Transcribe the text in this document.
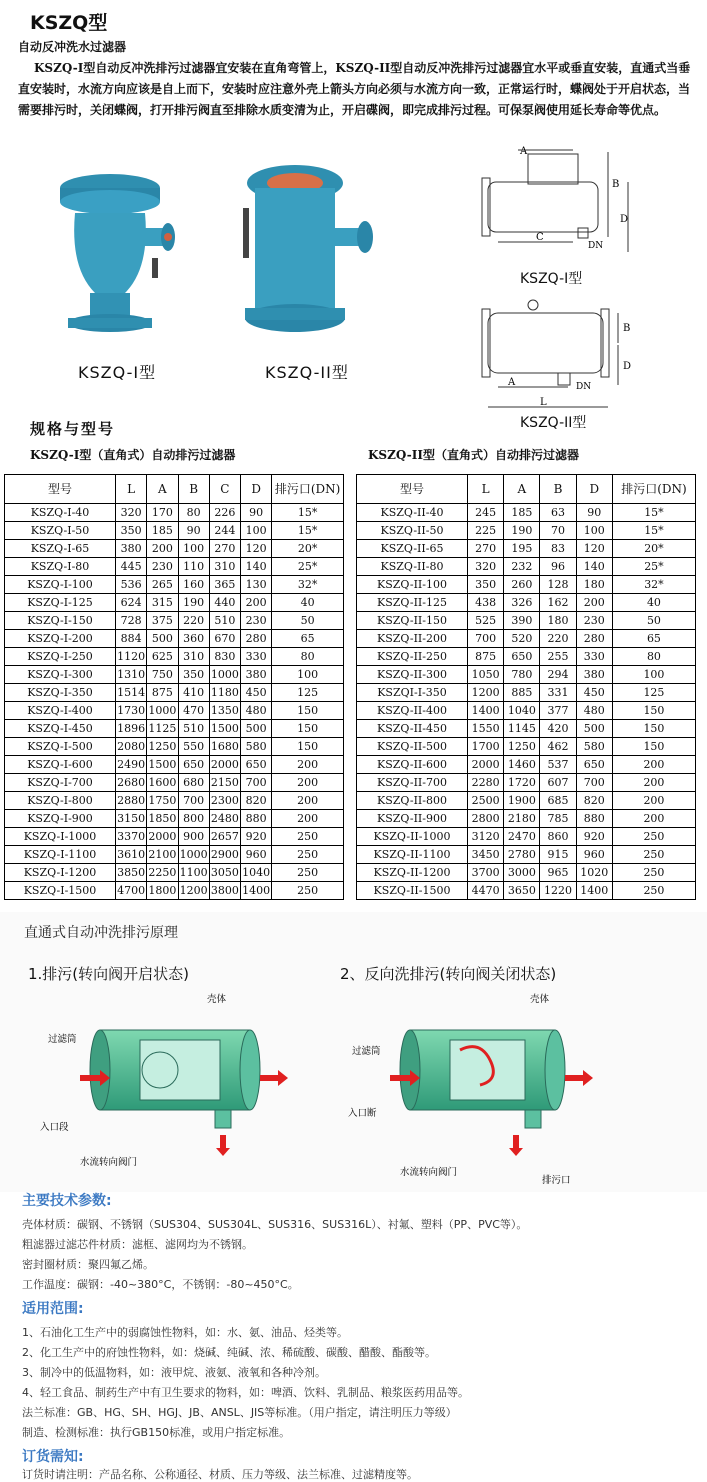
KSZQ型
自动反冲洗水过滤器
KSZQ-I型自动反冲洗排污过滤器宜安装在直角弯管上，KSZQ-II型自动反冲洗排污过滤器宜水平或垂直安装，直通式当垂直安装时，水流方向应该是自上而下，安装时应注意外壳上箭头方向必须与水流方向一致，正常运行时，蝶阀处于开启状态，当需要排污时，关闭蝶阀，打开排污阀直至排除水质变清为止，开启碟阀，即完成排污过程。可保泵阀使用延长寿命等优点。
KSZQ-I型	KSZQ-II型
A
B
D
C
DN
KSZQ-I型
B
D
A
L
DN
KSZQ-II型
规格与型号
KSZQ-I型（直角式）自动排污过滤器	KSZQ-II型（直角式）自动排污过滤器
型号	L	A	B	C	D	排污口(DN)
KSZQ-I-40	320	170	80	226	90	15*
KSZQ-I-50	350	185	90	244	100	15*
KSZQ-I-65	380	200	100	270	120	20*
KSZQ-I-80	445	230	110	310	140	25*
KSZQ-I-100	536	265	160	365	130	32*
KSZQ-I-125	624	315	190	440	200	40
KSZQ-I-150	728	375	220	510	230	50
KSZQ-I-200	884	500	360	670	280	65
KSZQ-I-250	1120	625	310	830	330	80
KSZQ-I-300	1310	750	350	1000	380	100
KSZQ-I-350	1514	875	410	1180	450	125
KSZQ-I-400	1730	1000	470	1350	480	150
KSZQ-I-450	1896	1125	510	1500	500	150
KSZQ-I-500	2080	1250	550	1680	580	150
KSZQ-I-600	2490	1500	650	2000	650	200
KSZQ-I-700	2680	1600	680	2150	700	200
KSZQ-I-800	2880	1750	700	2300	820	200
KSZQ-I-900	3150	1850	800	2480	880	200
KSZQ-I-1000	3370	2000	900	2657	920	250
KSZQ-I-1100	3610	2100	1000	2900	960	250
KSZQ-I-1200	3850	2250	1100	3050	1040	250
KSZQ-I-1500	4700	1800	1200	3800	1400	250
型号	L	A	B	D	排污口(DN)
KSZQ-II-40	245	185	63	90	15*
KSZQ-II-50	225	190	70	100	15*
KSZQ-II-65	270	195	83	120	20*
KSZQ-II-80	320	232	96	140	25*
KSZQ-II-100	350	260	128	180	32*
KSZQ-II-125	438	326	162	200	40
KSZQ-II-150	525	390	180	230	50
KSZQ-II-200	700	520	220	280	65
KSZQ-II-250	875	650	255	330	80
KSZQ-II-300	1050	780	294	380	100
KSZQI-I-350	1200	885	331	450	125
KSZQ-II-400	1400	1040	377	480	150
KSZQ-II-450	1550	1145	420	500	150
KSZQ-II-500	1700	1250	462	580	150
KSZQ-II-600	2000	1460	537	650	200
KSZQ-II-700	2280	1720	607	700	200
KSZQ-II-800	2500	1900	685	820	200
KSZQ-II-900	2800	2180	785	880	200
KSZQ-II-1000	3120	2470	860	920	250
KSZQ-II-1100	3450	2780	915	960	250
KSZQ-II-1200	3700	3000	965	1020	250
KSZQ-II-1500	4470	3650	1220	1400	250
直通式自动冲洗排污原理
1.排污(转向阀开启状态)	2、反向洗排污(转向阀关闭状态)
壳体
过滤筒
入口段
水流转向阀门
壳体
过滤筒
入口断
水流转向阀门
排污口
主要技术参数:
壳体材质：碳钢、不锈钢（SUS304、SUS304L、SUS316、SUS316L）、衬氟、塑料（PP、PVC等）。
粗滤器过滤芯件材质：滤框、滤网均为不锈钢。
密封圈材质：聚四氟乙烯。
工作温度：碳钢：-40~380°C，不锈钢：-80~450°C。
适用范围:
1、石油化工生产中的弱腐蚀性物料，如：水、氨、油品、烃类等。
2、化工生产中的府蚀性物料，如：烧碱、纯碱、浓、稀硫酸、碳酸、醋酸、酯酸等。
3、制冷中的低温物料，如：液甲烷、液氨、液氧和各种冷剂。
4、轻工食品、制药生产中有卫生要求的物料，如：啤酒、饮料、乳制品、粮浆医药用品等。
法兰标准：GB、HG、SH、HGJ、JB、ANSL、JIS等标准。（用户指定，请注明压力等级）
制造、检测标准：执行GB150标准，或用户指定标准。
订货需知:
订货时请注明：产品名称、公称通径、材质、压力等级、法兰标准、过滤精度等。
